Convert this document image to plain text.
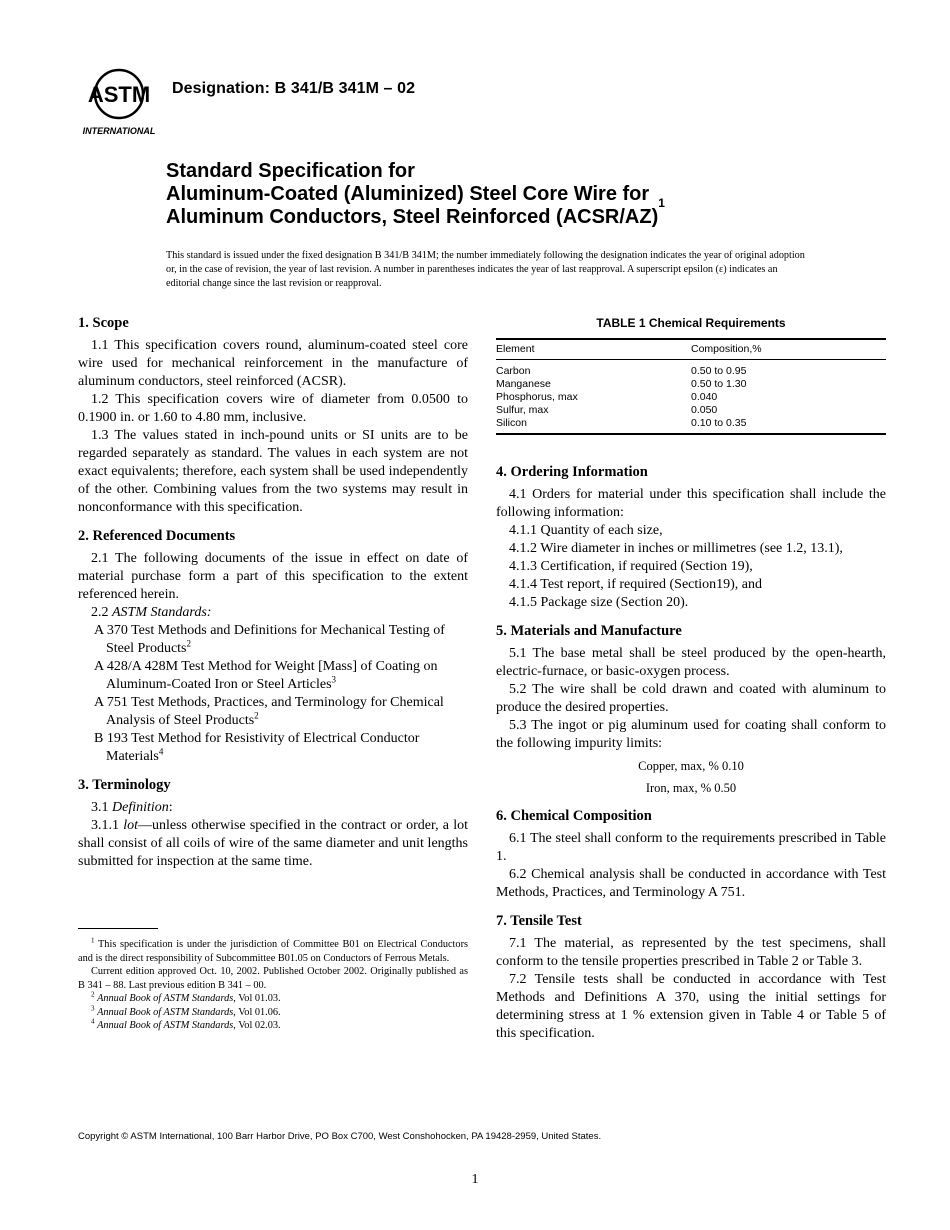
ASTM
INTERNATIONAL
Designation: B 341/B 341M – 02
Standard Specification for
Aluminum-Coated (Aluminized) Steel Core Wire for
Aluminum Conductors, Steel Reinforced (ACSR/AZ)$^1$
This standard is issued under the fixed designation B 341/B 341M; the number immediately following the designation indicates the year of original adoption or, in the case of revision, the year of last revision. A number in parentheses indicates the year of last reapproval. A superscript epsilon (ε) indicates an editorial change since the last revision or reapproval.
1. Scope

1.1 This specification covers round, aluminum-coated steel core wire used for mechanical reinforcement in the manufacture of aluminum conductors, steel reinforced (ACSR).

1.2 This specification covers wire of diameter from 0.0500 to 0.1900 in. or 1.60 to 4.80 mm, inclusive.

1.3 The values stated in inch-pound units or SI units are to be regarded separately as standard. The values in each system are not exact equivalents; therefore, each system shall be used independently of the other. Combining values from the two systems may result in nonconformance with this specification.

2. Referenced Documents

2.1 The following documents of the issue in effect on date of material purchase form a part of this specification to the extent referenced herein.

2.2 ASTM Standards:

A 370 Test Methods and Definitions for Mechanical Testing of Steel Products$^2$

A 428/A 428M Test Method for Weight [Mass] of Coating on Aluminum-Coated Iron or Steel Articles$^3$

A 751 Test Methods, Practices, and Terminology for Chemical Analysis of Steel Products$^2$

B 193 Test Method for Resistivity of Electrical Conductor Materials$^4$

3. Terminology

3.1 Definition:

3.1.1 lot—unless otherwise specified in the contract or order, a lot shall consist of all coils of wire of the same diameter and unit lengths submitted for inspection at the same time.

$^1$ This specification is under the jurisdiction of Committee B01 on Electrical Conductors and is the direct responsibility of Subcommittee B01.05 on Conductors of Ferrous Metals.

Current edition approved Oct. 10, 2002. Published October 2002. Originally published as B 341 – 88. Last previous edition B 341 – 00.

$^2$ Annual Book of ASTM Standards, Vol 01.03.

$^3$ Annual Book of ASTM Standards, Vol 01.06.

$^4$ Annual Book of ASTM Standards, Vol 02.03.

TABLE 1 Chemical Requirements
Element	Composition,%
Carbon	0.50 to 0.95
Manganese	0.50 to 1.30
Phosphorus, max	0.040
Sulfur, max	0.050
Silicon	0.10 to 0.35
4. Ordering Information

4.1 Orders for material under this specification shall include the following information:

4.1.1 Quantity of each size,

4.1.2 Wire diameter in inches or millimetres (see 1.2, 13.1),

4.1.3 Certification, if required (Section 19),

4.1.4 Test report, if required (Section19), and

4.1.5 Package size (Section 20).

5. Materials and Manufacture

5.1 The base metal shall be steel produced by the open-hearth, electric-furnace, or basic-oxygen process.

5.2 The wire shall be cold drawn and coated with aluminum to produce the desired properties.

5.3 The ingot or pig aluminum used for coating shall conform to the following impurity limits:

Copper, max, % 0.10

Iron, max, % 0.50

6. Chemical Composition

6.1 The steel shall conform to the requirements prescribed in Table 1.

6.2 Chemical analysis shall be conducted in accordance with Test Methods, Practices, and Terminology A 751.

7. Tensile Test

7.1 The material, as represented by the test specimens, shall conform to the tensile properties prescribed in Table 2 or Table 3.

7.2 Tensile tests shall be conducted in accordance with Test Methods and Definitions A 370, using the initial settings for determining stress at 1 % extension given in Table 4 or Table 5 of this specification.

Copyright © ASTM International, 100 Barr Harbor Drive, PO Box C700, West Conshohocken, PA 19428-2959, United States.
1
